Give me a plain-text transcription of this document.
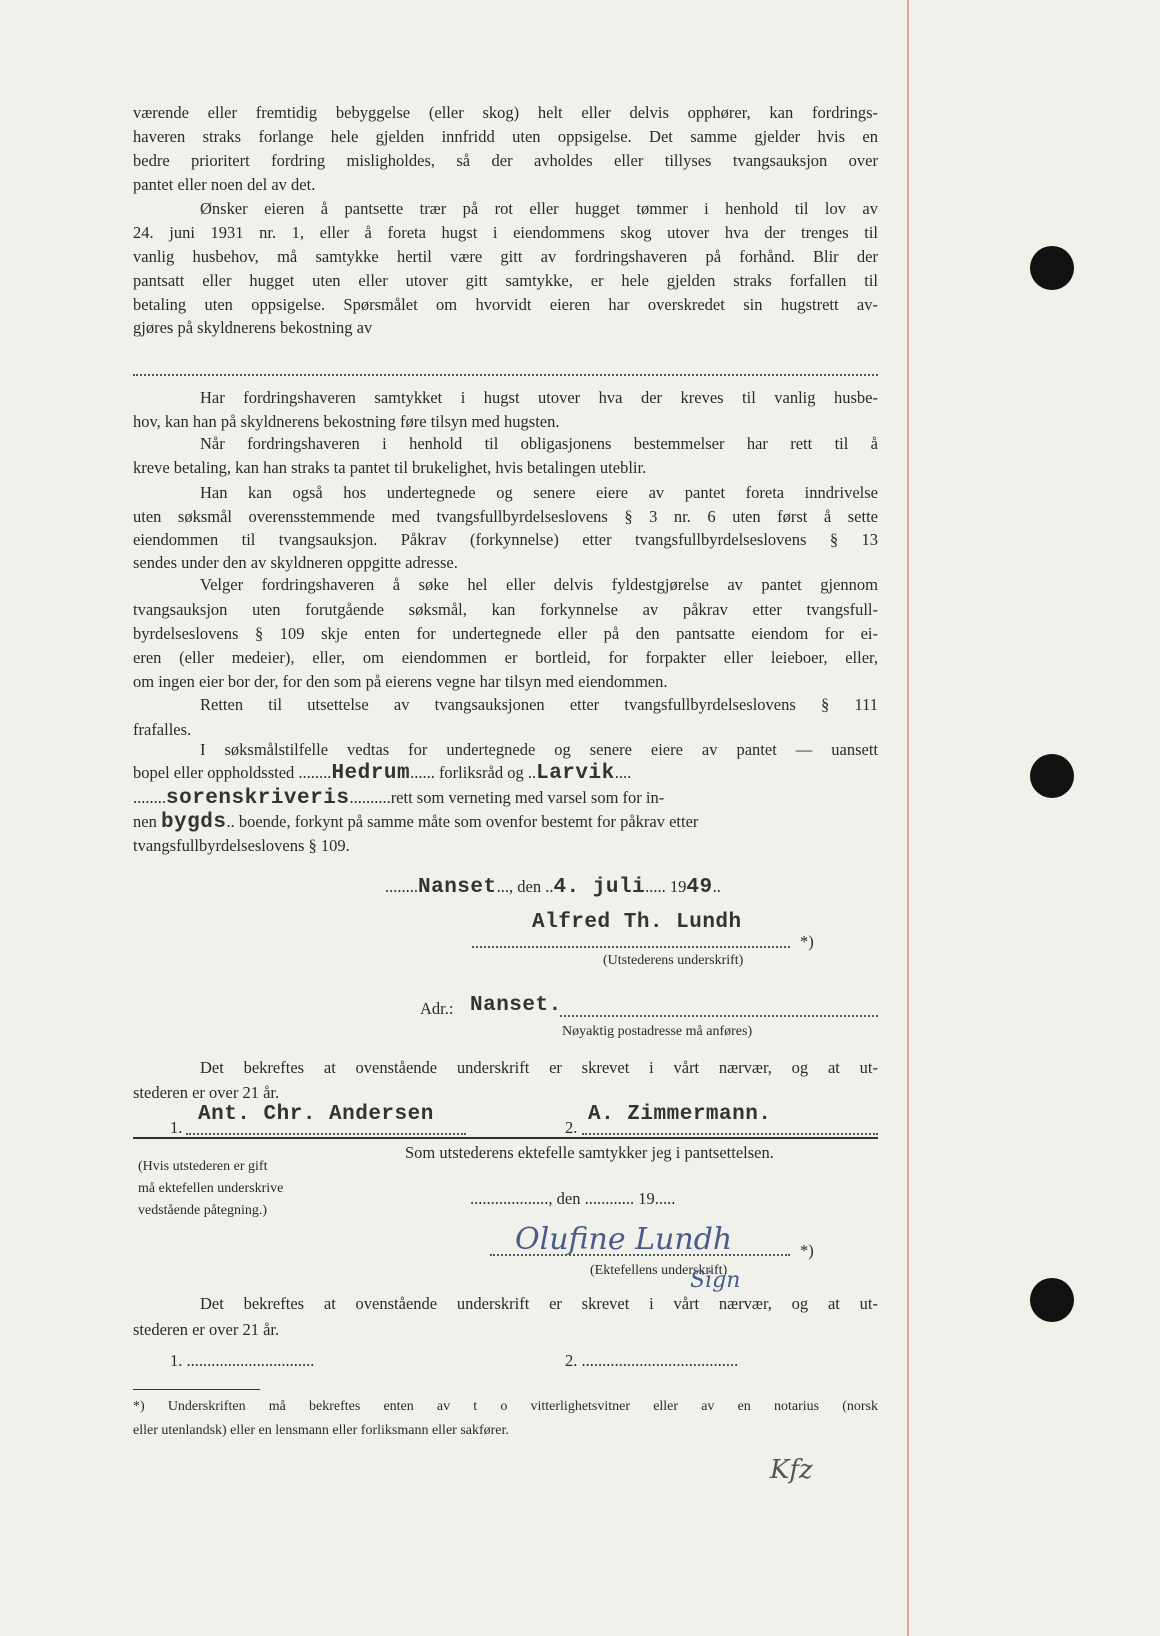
værende eller fremtidig bebyggelse (eller skog) helt eller delvis opphører, kan fordrings-
haveren straks forlange hele gjelden innfridd uten oppsigelse. Det samme gjelder hvis en
bedre prioritert fordring misligholdes, så der avholdes eller tillyses tvangsauksjon over
pantet eller noen del av det.
Ønsker eieren å pantsette trær på rot eller hugget tømmer i henhold til lov av
24. juni 1931 nr. 1, eller å foreta hugst i eiendommens skog utover hva der trenges til
vanlig husbehov, må samtykke hertil være gitt av fordringshaveren på forhånd. Blir der
pantsatt eller hugget uten eller utover gitt samtykke, er hele gjelden straks forfallen til
betaling uten oppsigelse. Spørsmålet om hvorvidt eieren har overskredet sin hugstrett av-
gjøres på skyldnerens bekostning av
Har fordringshaveren samtykket i hugst utover hva der kreves til vanlig husbe-
hov, kan han på skyldnerens bekostning føre tilsyn med hugsten.
Når fordringshaveren i henhold til obligasjonens bestemmelser har rett til å
kreve betaling, kan han straks ta pantet til brukelighet, hvis betalingen uteblir.
Han kan også hos undertegnede og senere eiere av pantet foreta inndrivelse
uten søksmål overensstemmende med tvangsfullbyrdelseslovens § 3 nr. 6 uten først å sette
eiendommen til tvangsauksjon. Påkrav (forkynnelse) etter tvangsfullbyrdelseslovens § 13
sendes under den av skyldneren oppgitte adresse.
Velger fordringshaveren å søke hel eller delvis fyldestgjørelse av pantet gjennom
tvangsauksjon uten forutgående søksmål, kan forkynnelse av påkrav etter tvangsfull-
byrdelseslovens § 109 skje enten for undertegnede eller på den pantsatte eiendom for ei-
eren (eller medeier), eller, om eiendommen er bortleid, for forpakter eller leieboer, eller,
om ingen eier bor der, for den som på eierens vegne har tilsyn med eiendommen.
Retten til utsettelse av tvangsauksjonen etter tvangsfullbyrdelseslovens § 111
frafalles.
I søksmålstilfelle vedtas for undertegnede og senere eiere av pantet — uansett
bopel eller oppholdssted ........Hedrum...... forliksråd og ..Larvik....
........sorenskriveris..........rett som verneting med varsel som for in-
nen bygds.. boende, forkynt på samme måte som ovenfor bestemt for påkrav etter
tvangsfullbyrdelseslovens § 109.
........Nanset..., den ..4. juli..... 1949..
Alfred Th. Lundh
*)
(Utstederens underskrift)
Adr.: Nanset.
Nøyaktig postadresse må anføres)
Det bekreftes at ovenstående underskrift er skrevet i vårt nærvær, og at ut-
stederen er over 21 år.
1.
Ant. Chr. Andersen
2.
A. Zimmermann.
(Hvis utstederen er gift
må ektefellen underskrive
vedstående påtegning.)
Som utstederens ektefelle samtykker jeg i pantsettelsen.
..................., den ............ 19.....
Olufine Lundh	*)
(Ektefellens underskrift)
Sign
Det bekreftes at ovenstående underskrift er skrevet i vårt nærvær, og at ut-
stederen er over 21 år.
1. ...............................	2. ......................................
*) Underskriften må bekreftes enten av t o vitterlighetsvitner eller av en notarius (norsk
eller utenlandsk) eller en lensmann eller forliksmann eller sakfører.
Kfz
